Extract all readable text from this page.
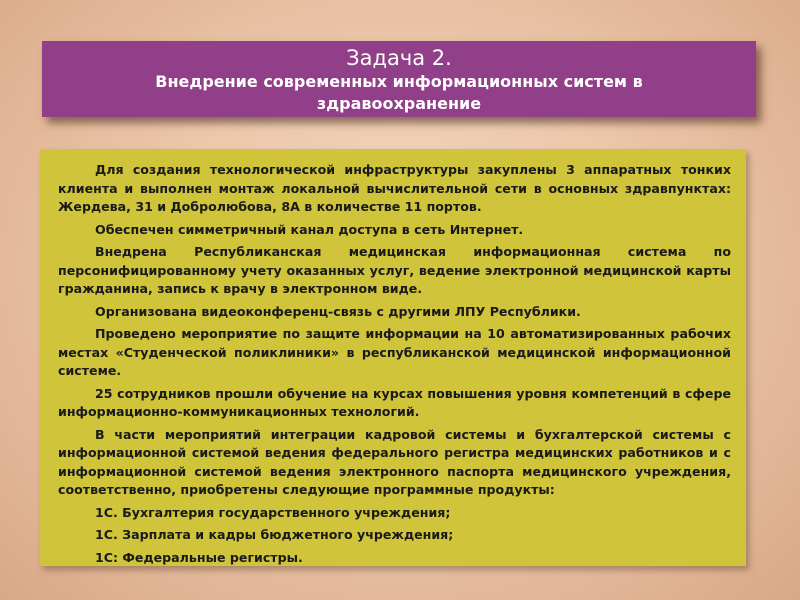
Задача 2.
Внедрение современных информационных систем в
здравоохранение

Для создания технологической инфраструктуры закуплены 3 аппаратных тонких клиента и выполнен монтаж локальной вычислительной сети в основных здравпунктах: Жердева, 31 и Добролюбова, 8А в количестве 11 портов.

Обеспечен симметричный канал доступа в сеть Интернет.

Внедрена Республиканская медицинская информационная система по персонифицированному учету оказанных услуг, ведение электронной медицинской карты гражданина, запись к врачу в электронном виде.

Организована видеоконференц-связь с другими ЛПУ Республики.

Проведено мероприятие по защите информации на 10 автоматизированных рабочих местах «Студенческой поликлиники» в республиканской медицинской информационной системе.

25 сотрудников прошли обучение на курсах повышения уровня компетенций в сфере информационно-коммуникационных технологий.

В части мероприятий интеграции кадровой системы и бухгалтерской системы с информационной системой ведения федерального регистра медицинских работников и с информационной системой ведения электронного паспорта медицинского учреждения, соответственно, приобретены следующие программные продукты:

1С. Бухгалтерия государственного учреждения;

1С. Зарплата и кадры бюджетного учреждения;

1С: Федеральные регистры.
